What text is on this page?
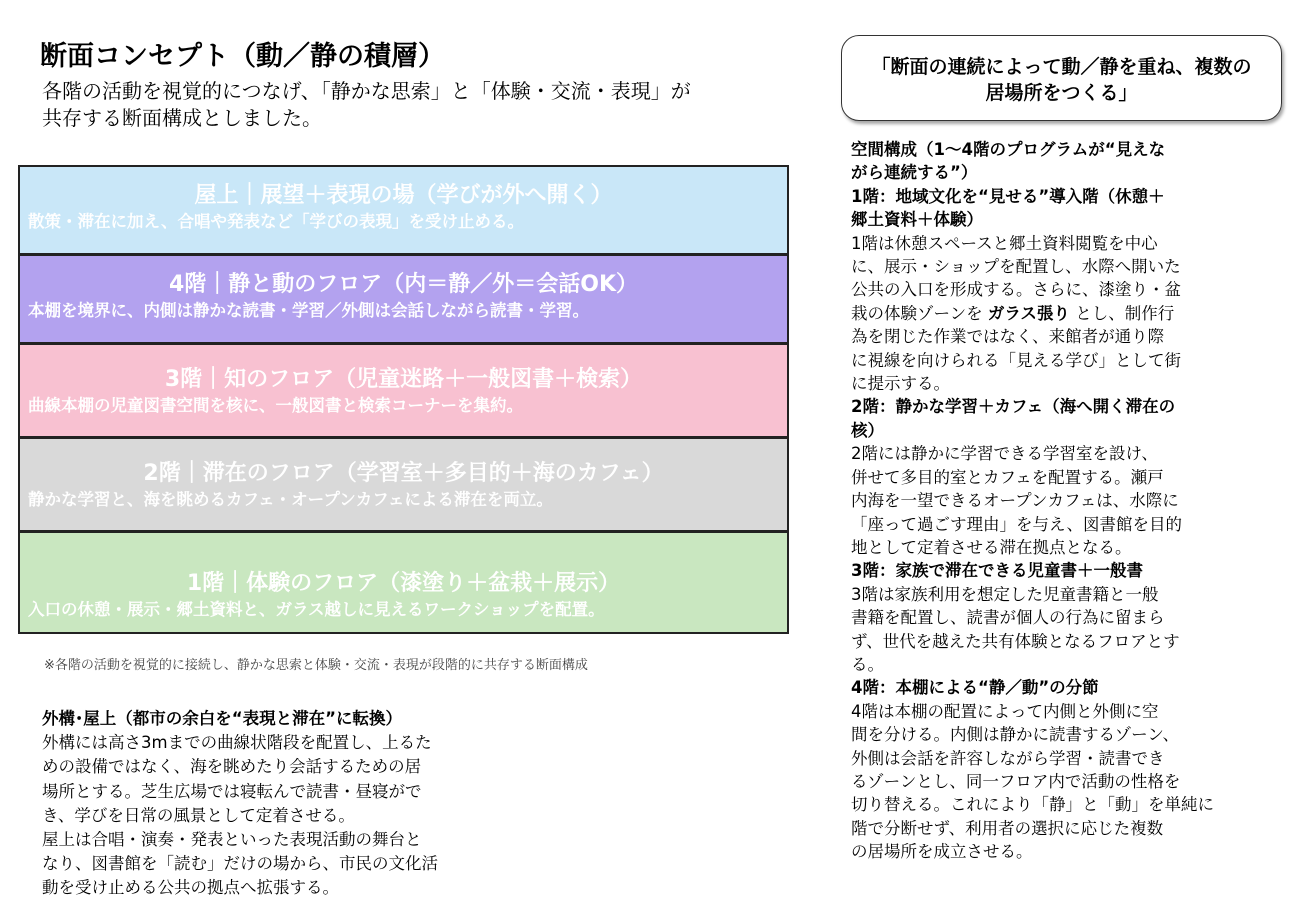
断面コンセプト（動／静の積層）
各階の活動を視覚的につなげ、「静かな思索」と「体験・交流・表現」が
共存する断面構成としました。
屋上｜展望＋表現の場（学びが外へ開く）
散策・滞在に加え、合唱や発表など「学びの表現」を受け止める。
4階｜静と動のフロア（内＝静／外＝会話OK）
本棚を境界に、内側は静かな読書・学習／外側は会話しながら読書・学習。
3階｜知のフロア（児童迷路＋一般図書＋検索）
曲線本棚の児童図書空間を核に、一般図書と検索コーナーを集約。
2階｜滞在のフロア（学習室＋多目的＋海のカフェ）
静かな学習と、海を眺めるカフェ・オープンカフェによる滞在を両立。
1階｜体験のフロア（漆塗り＋盆栽＋展示）
入口の休憩・展示・郷土資料と、ガラス越しに見えるワークショップを配置。
※各階の活動を視覚的に接続し、静かな思索と体験・交流・表現が段階的に共存する断面構成
外構･屋上（都市の余白を“表現と滞在”に転換）
外構には高さ3mまでの曲線状階段を配置し、上るた
めの設備ではなく、海を眺めたり会話するための居
場所とする。芝生広場では寝転んで読書・昼寝がで
き、学びを日常の風景として定着させる。
屋上は合唱・演奏・発表といった表現活動の舞台と
なり、図書館を「読む」だけの場から、市民の文化活
動を受け止める公共の拠点へ拡張する。
「断面の連続によって動／静を重ね、複数の
居場所をつくる」
空間構成（1〜4階のプログラムが“見えな
がら連続する”）
1階：地域文化を“見せる”導入階（休憩＋
郷土資料＋体験）
1階は休憩スペースと郷土資料閲覧を中心
に、展示・ショップを配置し、水際へ開いた
公共の入口を形成する。さらに、漆塗り・盆
栽の体験ゾーンを ガラス張り とし、制作行
為を閉じた作業ではなく、来館者が通り際
に視線を向けられる「見える学び」として街
に提示する。
2階：静かな学習＋カフェ（海へ開く滞在の
核）
2階には静かに学習できる学習室を設け、
併せて多目的室とカフェを配置する。瀬戸
内海を一望できるオープンカフェは、水際に
「座って過ごす理由」を与え、図書館を目的
地として定着させる滞在拠点となる。
3階：家族で滞在できる児童書＋一般書
3階は家族利用を想定した児童書籍と一般
書籍を配置し、読書が個人の行為に留まら
ず、世代を越えた共有体験となるフロアとす
る。
4階：本棚による“静／動”の分節
4階は本棚の配置によって内側と外側に空
間を分ける。内側は静かに読書するゾーン、
外側は会話を許容しながら学習・読書でき
るゾーンとし、同一フロア内で活動の性格を
切り替える。これにより「静」と「動」を単純に
階で分断せず、利用者の選択に応じた複数
の居場所を成立させる。
